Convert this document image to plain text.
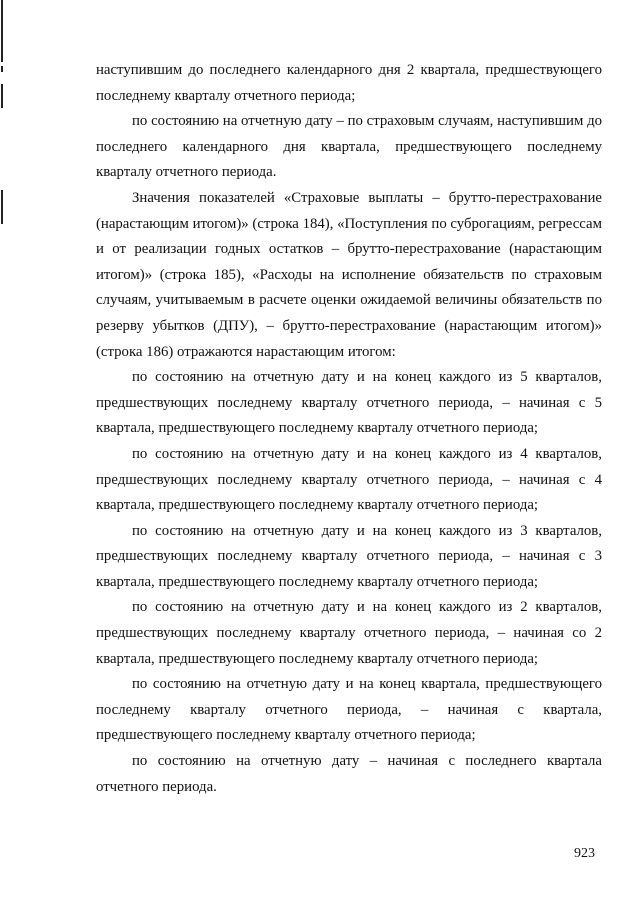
наступившим до последнего календарного дня 2 квартала, предшествующего последнему кварталу отчетного периода;

по состоянию на отчетную дату – по страховым случаям, наступившим до последнего календарного дня квартала, предшествующего последнему кварталу отчетного периода.

Значения показателей «Страховые выплаты – брутто-перестрахование (нарастающим итогом)» (строка 184), «Поступления по суброгациям, регрессам и от реализации годных остатков – брутто-перестрахование (нарастающим итогом)» (строка 185), «Расходы на исполнение обязательств по страховым случаям, учитываемым в расчете оценки ожидаемой величины обязательств по резерву убытков (ДПУ), – брутто-перестрахование (нарастающим итогом)» (строка 186) отражаются нарастающим итогом:

по состоянию на отчетную дату и на конец каждого из 5 кварталов, предшествующих последнему кварталу отчетного периода, – начиная с 5 квартала, предшествующего последнему кварталу отчетного периода;

по состоянию на отчетную дату и на конец каждого из 4 кварталов, предшествующих последнему кварталу отчетного периода, – начиная с 4 квартала, предшествующего последнему кварталу отчетного периода;

по состоянию на отчетную дату и на конец каждого из 3 кварталов, предшествующих последнему кварталу отчетного периода, – начиная с 3 квартала, предшествующего последнему кварталу отчетного периода;

по состоянию на отчетную дату и на конец каждого из 2 кварталов, предшествующих последнему кварталу отчетного периода, – начиная со 2 квартала, предшествующего последнему кварталу отчетного периода;

по состоянию на отчетную дату и на конец квартала, предшествующего последнему кварталу отчетного периода, – начиная с квартала, предшествующего последнему кварталу отчетного периода;

по состоянию на отчетную дату – начиная с последнего квартала отчетного периода.

923
